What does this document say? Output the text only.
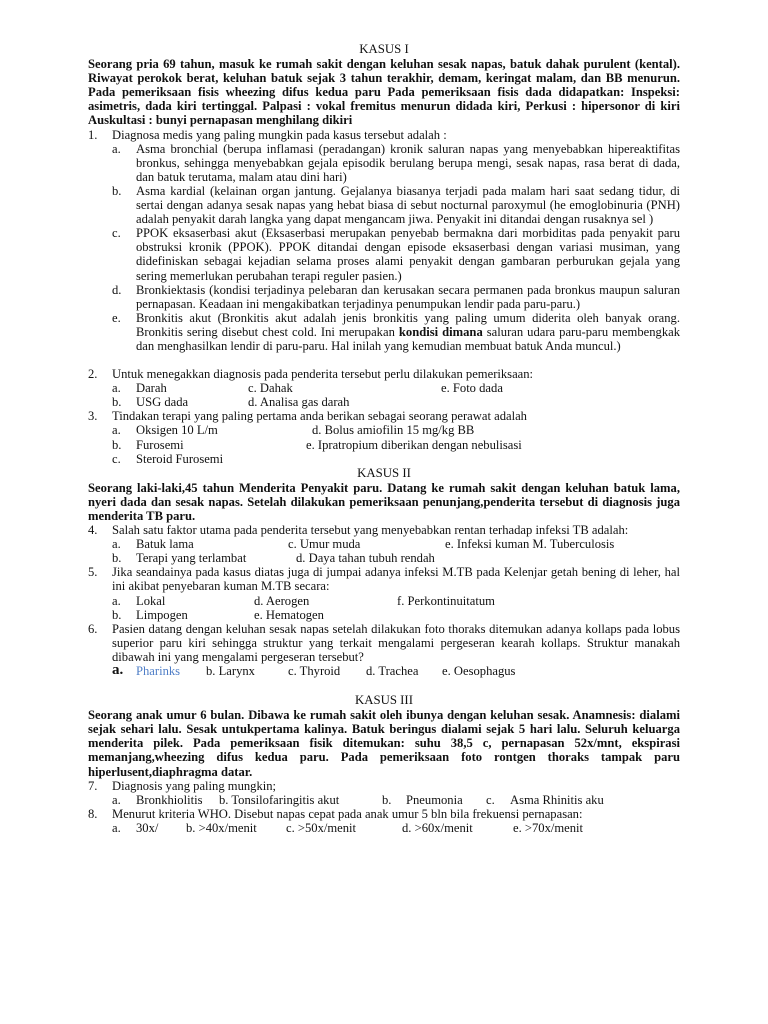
KASUS I

Seorang pria 69 tahun, masuk ke rumah sakit dengan keluhan sesak napas, batuk dahak purulent (kental). Riwayat perokok berat, keluhan batuk sejak 3 tahun terakhir, demam, keringat malam, dan BB menurun. Pada pemeriksaan fisis wheezing difus kedua paru Pada pemeriksaan fisis dada didapatkan: Inspeksi: asimetris, dada kiri tertinggal. Palpasi : vokal fremitus menurun didada kiri, Perkusi : hipersonor di kiri Auskultasi : bunyi pernapasan menghilang dikiri

1.	Diagnosa medis yang paling mungkin pada kasus tersebut adalah :
a.	Asma bronchial (berupa inflamasi (peradangan) kronik saluran napas yang menyebabkan hipereaktifitas bronkus, sehingga menyebabkan gejala episodik berulang berupa mengi, sesak napas, rasa berat di dada, dan batuk terutama, malam atau dini hari)
b.	Asma kardial (kelainan organ jantung. Gejalanya biasanya terjadi pada malam hari saat sedang tidur, di sertai dengan adanya sesak napas yang hebat biasa di sebut nocturnal paroxymul (he emoglobinuria (PNH) adalah penyakit darah langka yang dapat mengancam jiwa. Penyakit ini ditandai dengan rusaknya sel )
c.	PPOK eksaserbasi akut (Eksaserbasi merupakan penyebab bermakna dari morbiditas pada penyakit paru obstruksi kronik (PPOK). PPOK ditandai dengan episode eksaserbasi dengan variasi musiman, yang didefiniskan sebagai kejadian selama proses alami penyakit dengan gambaran perburukan gejala yang sering memerlukan perubahan terapi reguler pasien.)
d.	Bronkiektasis (kondisi terjadinya pelebaran dan kerusakan secara permanen pada bronkus maupun saluran pernapasan. Keadaan ini mengakibatkan terjadinya penumpukan lendir pada paru-paru.)
e.	Bronkitis akut (Bronkitis akut adalah jenis bronkitis yang paling umum diderita oleh banyak orang. Bronkitis sering disebut chest cold. Ini merupakan kondisi dimana saluran udara paru-paru membengkak dan menghasilkan lendir di paru-paru. Hal inilah yang kemudian membuat batuk Anda muncul.)
2.	Untuk menegakkan diagnosis pada penderita tersebut perlu dilakukan pemeriksaan:
a. Darah	c. Dahak	e. Foto dada
b. USG dada	d. Analisa gas darah
3.	Tindakan terapi yang paling pertama anda berikan sebagai seorang perawat adalah
a. Oksigen 10 L/m	d. Bolus amiofilin 15 mg/kg BB
b. Furosemi	e. Ipratropium diberikan dengan nebulisasi
c. Steroid Furosemi
KASUS II

Seorang laki-laki,45 tahun Menderita Penyakit paru. Datang ke rumah sakit dengan keluhan batuk lama, nyeri dada dan sesak napas. Setelah dilakukan pemeriksaan penunjang,penderita tersebut di diagnosis juga menderita TB paru.

4.	Salah satu faktor utama pada penderita tersebut yang menyebabkan rentan terhadap infeksi TB adalah:
a. Batuk lama	c. Umur muda	e. Infeksi kuman M. Tuberculosis
b. Terapi yang terlambat	d. Daya tahan tubuh rendah
5.	Jika seandainya pada kasus diatas juga di jumpai adanya infeksi M.TB pada Kelenjar getah bening di leher, hal ini akibat penyebaran kuman M.TB secara:
a. Lokal	d. Aerogen	f. Perkontinuitatum
b. Limpogen	e. Hematogen
6.	Pasien datang dengan keluhan sesak napas setelah dilakukan foto thoraks ditemukan adanya kollaps pada lobus superior paru kiri sehingga struktur yang terkait mengalami pergeseran kearah kollaps. Struktur manakah dibawah ini yang mengalami pergeseran tersebut?
a. Pharinks b. Larynx	c. Thyroid d. Trachea e. Oesophagus
KASUS III

Seorang anak umur 6 bulan. Dibawa ke rumah sakit oleh ibunya dengan keluhan sesak. Anamnesis: dialami sejak sehari lalu. Sesak untukpertama kalinya. Batuk beringus dialami sejak 5 hari lalu. Seluruh keluarga menderita pilek. Pada pemeriksaan fisik ditemukan: suhu 38,5 c, pernapasan 52x/mnt, ekspirasi memanjang,wheezing difus kedua paru. Pada pemeriksaan foto rontgen thoraks tampak paru hiperlusent,diaphragma datar.

7.	Diagnosis yang paling mungkin;
a. Bronkhiolitis b. Tonsilofaringitis akut	b. Pneumonia c. Asma Rhinitis aku
8.	Menurut kriteria WHO. Disebut napas cepat pada anak umur 5 bln bila frekuensi pernapasan:
a. 30x/ b. >40x/menit c. >50x/menit	d. >60x/menit	e. >70x/menit
